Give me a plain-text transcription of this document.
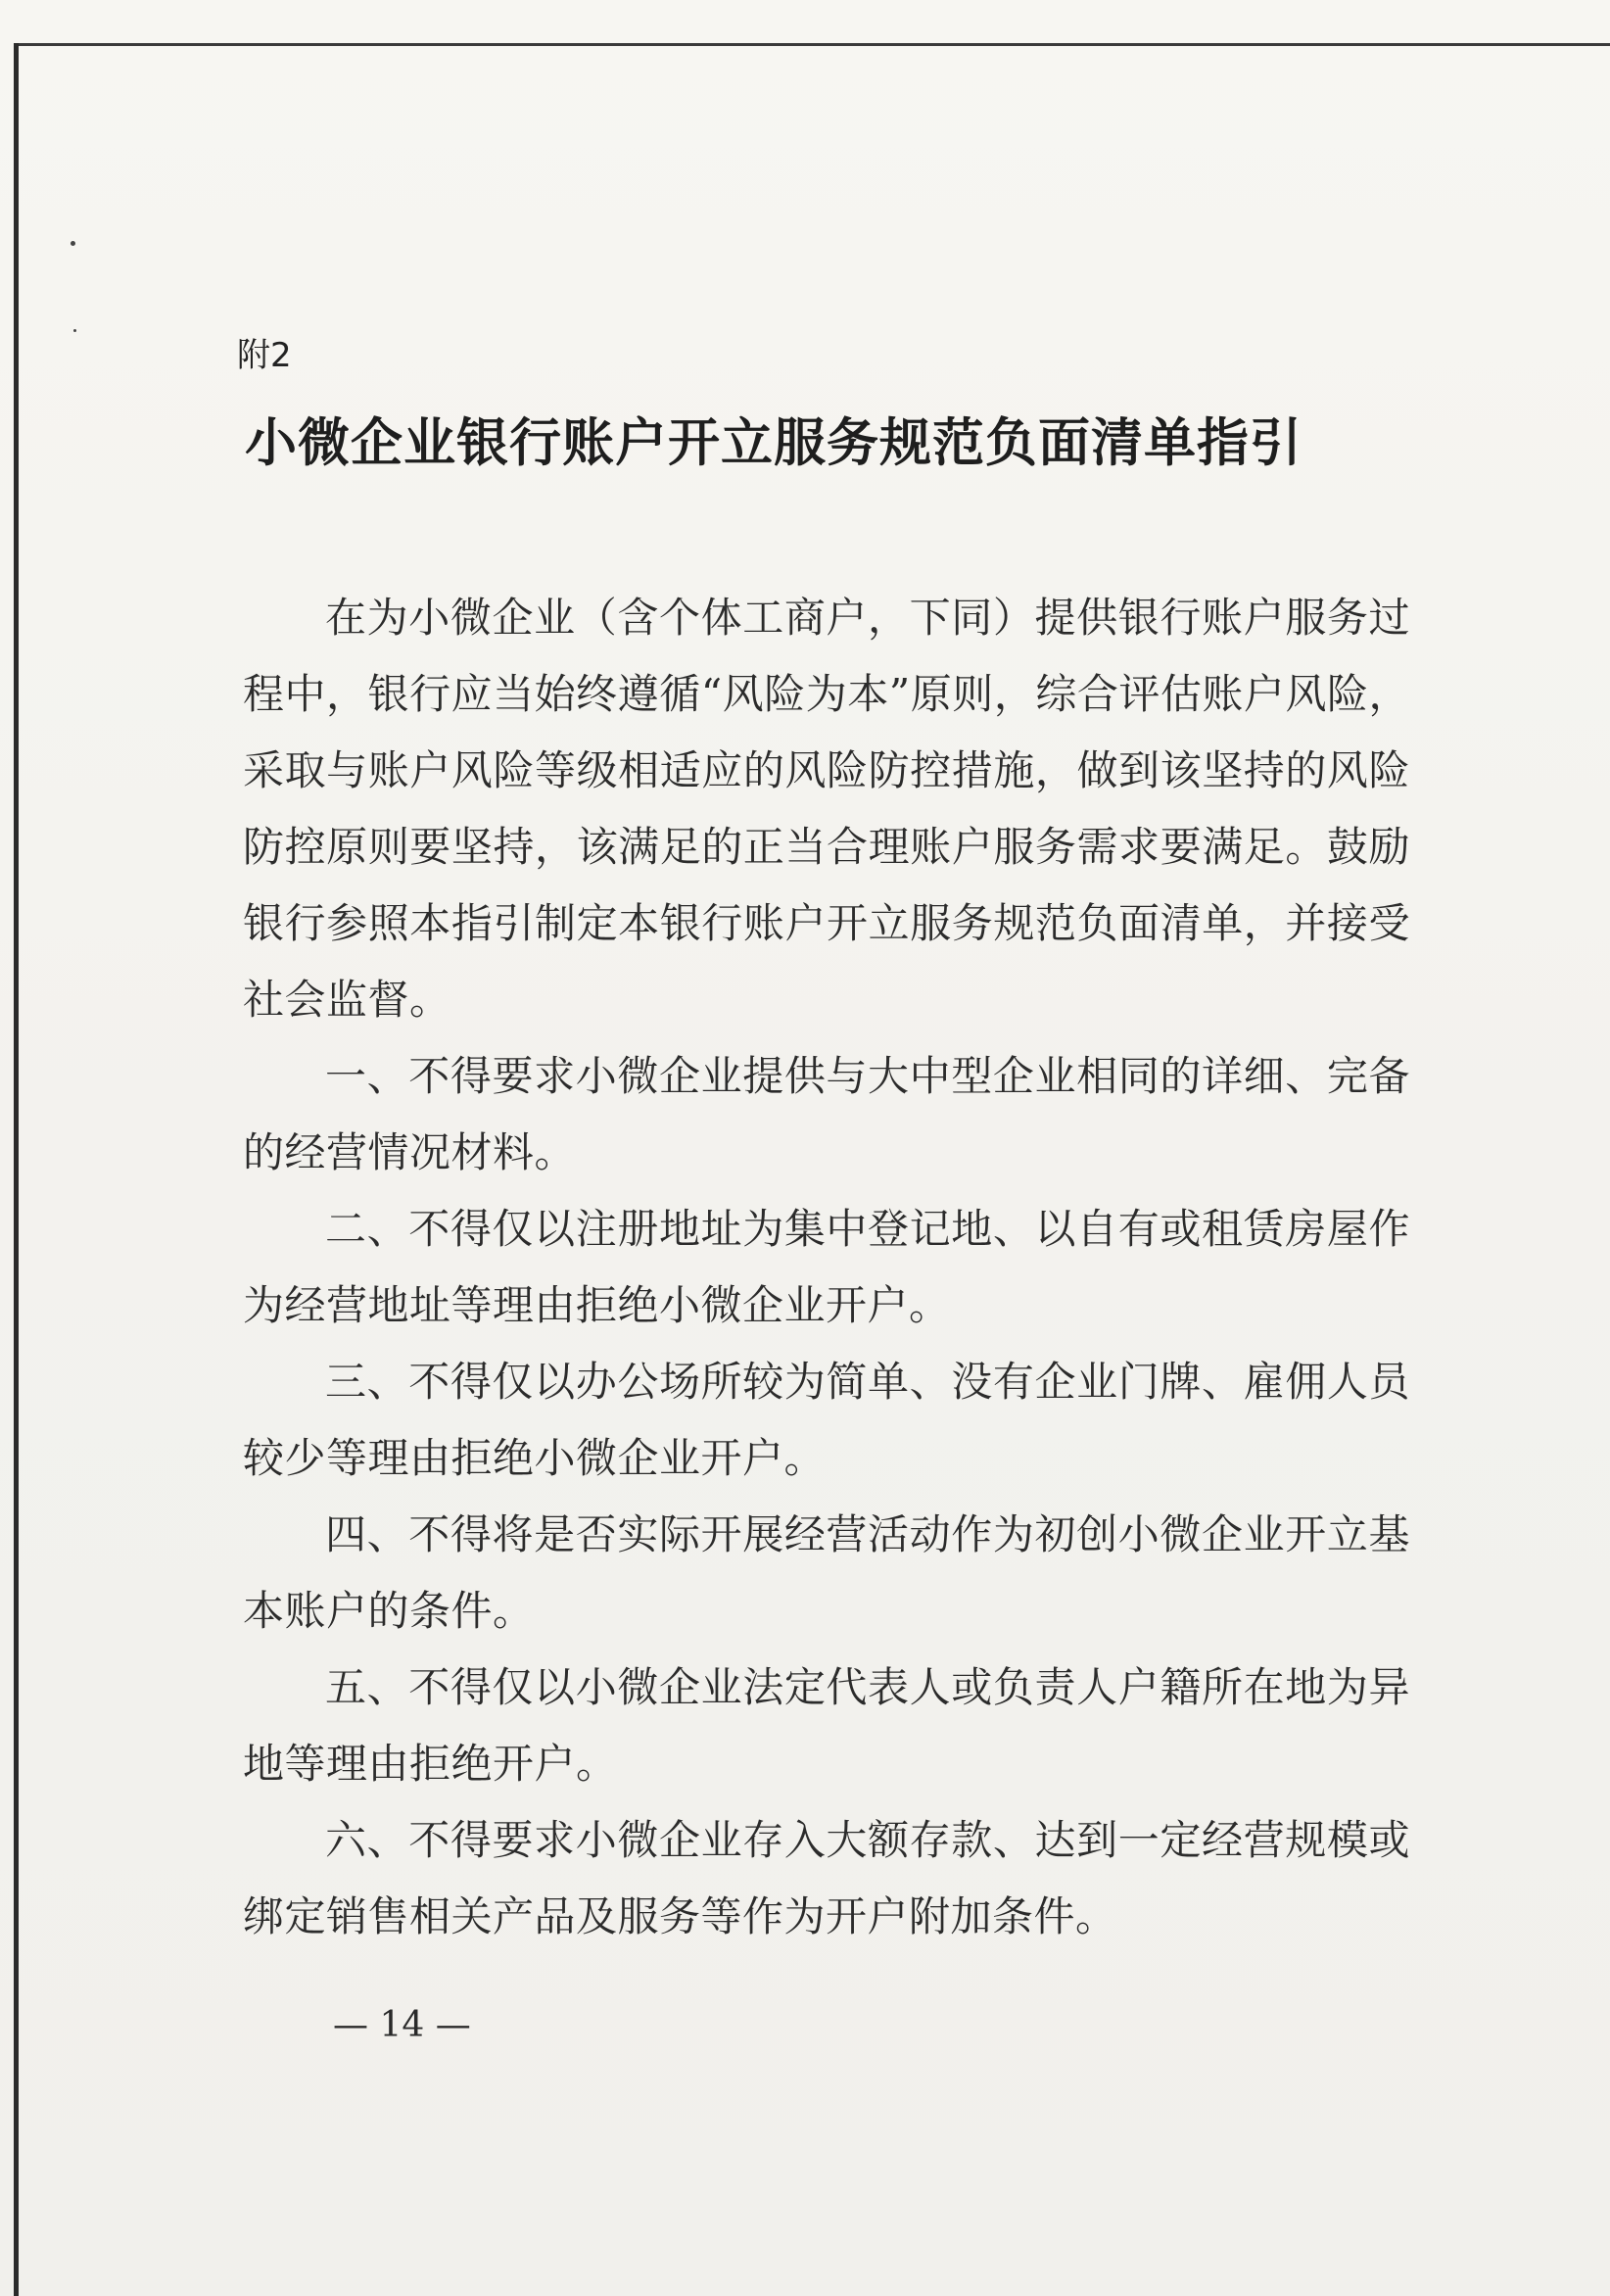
附2
小微企业银行账户开立服务规范负面清单指引

在为小微企业（含个体工商户，下同）提供银行账户服务过程中，银行应当始终遵循“风险为本”原则，综合评估账户风险，采取与账户风险等级相适应的风险防控措施，做到该坚持的风险防控原则要坚持，该满足的正当合理账户服务需求要满足。鼓励银行参照本指引制定本银行账户开立服务规范负面清单，并接受社会监督。

一、不得要求小微企业提供与大中型企业相同的详细、完备的经营情况材料。

二、不得仅以注册地址为集中登记地、以自有或租赁房屋作为经营地址等理由拒绝小微企业开户。

三、不得仅以办公场所较为简单、没有企业门牌、雇佣人员较少等理由拒绝小微企业开户。

四、不得将是否实际开展经营活动作为初创小微企业开立基本账户的条件。

五、不得仅以小微企业法定代表人或负责人户籍所在地为异地等理由拒绝开户。

六、不得要求小微企业存入大额存款、达到一定经营规模或绑定销售相关产品及服务等作为开户附加条件。

— 14 —
